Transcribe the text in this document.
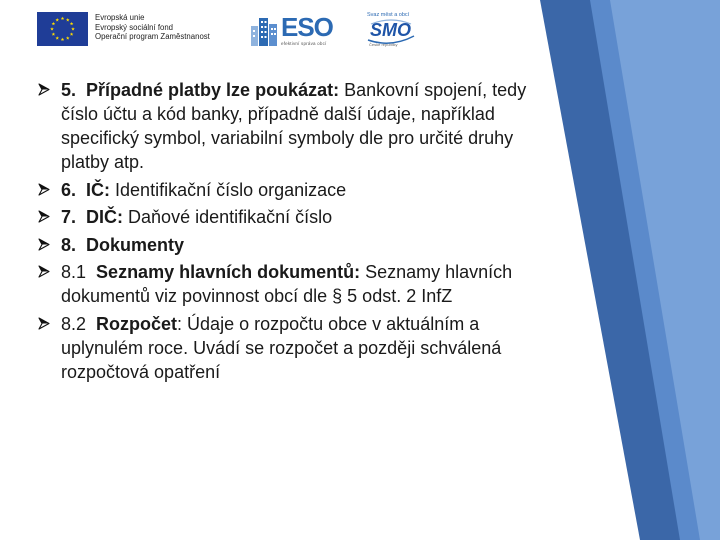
Evropská unie
Evropský sociální fond
Operační program Zaměstnanost	ESO
efektivní správa obcí
Svaz měst a obcí
SMO
České republiky
5. Případné platby lze poukázat: Bankovní spojení, tedy číslo účtu a kód banky, případně další údaje, například specifický symbol, variabilní symboly dle pro určité druhy platby atp.
6. IČ: Identifikační číslo organizace
7. DIČ: Daňové identifikační číslo
8. Dokumenty
8.1 Seznamy hlavních dokumentů: Seznamy hlavních dokumentů viz povinnost obcí dle § 5 odst. 2 InfZ
8.2 Rozpočet: Údaje o rozpočtu obce v aktuálním a uplynulém roce. Uvádí se rozpočet a později schválená rozpočtová opatření
